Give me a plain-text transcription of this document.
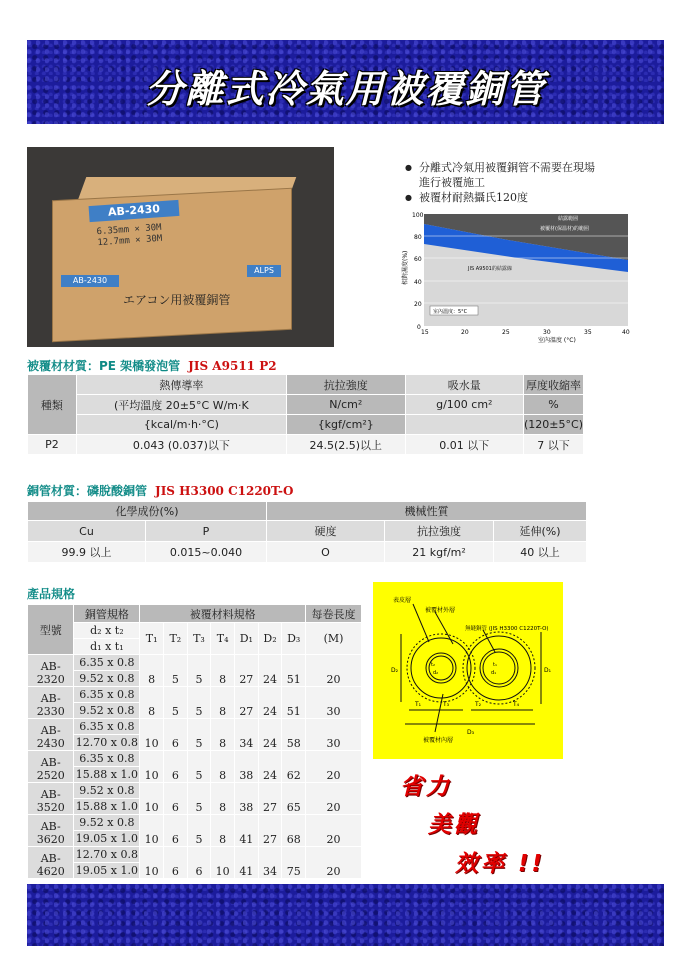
分離式冷氣用被覆銅管
AB-2430
6.35mm × 30M
12.7mm × 30M
AB-2430
ALPS
エアコン用被覆銅管
● 分離式冷氣用被覆銅管不需要在現場
進行被覆施工
● 被覆材耐熱攝氏120度
相對濕度(%)
100
80
60
40
20
0
15	20	25	30	35	40
室內溫度 (°C)
結露範囲
被覆材(保温材)的範囲
JIS A9501的結露線
室內溫度：5°C
被覆材材質：PE 架橋發泡管 JIS A9511 P2
種類	熱傳導率	抗拉強度	吸水量	厚度收縮率
	(平均溫度 20±5°C W/m·K	N/cm²	g/100 cm²	%
	{kcal/m·h·°C)	{kgf/cm²}		(120±5°C)
P2	0.043 (0.037)以下	24.5(2.5)以上	0.01 以下	7 以下
銅管材質：磷脫酸銅管 JIS H3300 C1220T-O
化學成份(%)		機械性質		
Cu	P	硬度	抗拉強度	延伸(%)
99.9 以上	0.015~0.040	O	21 kgf/m²	40 以上
產品規格
型號	銅管規格	被覆材料規格							每卷長度
	d₂ x t₂	T₁	T₂	T₃	T₄	D₁	D₂	D₃	(M)
	d₁ x t₁								
AB-2320	6.35 x 0.8	8	5	5	8	27	24	51	20
	9.52 x 0.8								
AB-2330	6.35 x 0.8	8	5	5	8	27	24	51	30
	9.52 x 0.8								
AB-2430	6.35 x 0.8	10	6	5	8	34	24	58	30
	12.70 x 0.8								
AB-2520	6.35 x 0.8	10	6	5	8	38	24	62	20
	15.88 x 1.0								
AB-3520	9.52 x 0.8	10	6	5	8	38	27	65	20
	15.88 x 1.0								
AB-3620	9.52 x 0.8	10	6	5	8	41	27	68	20
	19.05 x 1.0								
AB-4620	12.70 x 0.8	10	6	6	10	41	34	75	20
	19.05 x 1.0								
表皮層
被覆材外層
無縫銅管 (JIS H3300 C1220T-O)
被覆材內層
D₂	D₁
D₃
T₁	T₃	T₂	T₄
t₂
d₂
t₁
d₁
省力
美觀
效率 !!
